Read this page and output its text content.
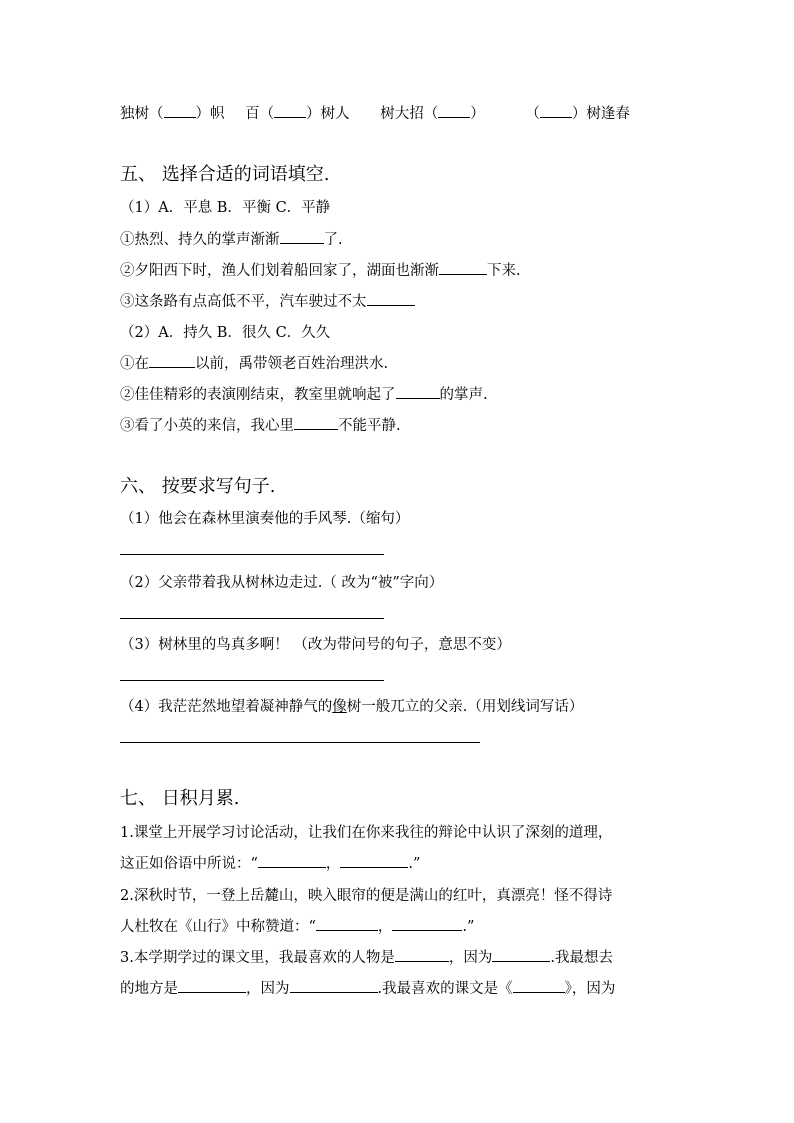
独树（ ）帜 百（ ）树人 树大招（ ）	（ ）树逢春
五、 选择合适的词语填空.
（1）A．平息 B．平衡 C．平静
①热烈、持久的掌声渐渐	了.
②夕阳西下时，渔人们划着船回家了，湖面也渐渐	下来.
③这条路有点高低不平，汽车驶过不太
（2）A．持久 B．很久 C．久久
①在	以前，禹带领老百姓治理洪水.
②佳佳精彩的表演刚结束，教室里就响起了	的掌声.
③看了小英的来信，我心里	不能平静.
六、 按要求写句子.
（1）他会在森林里演奏他的手风琴.（缩句）
（2）父亲带着我从树林边走过.（ 改为“被”字向）
（3）树林里的鸟真多啊！ （改为带问号的句子，意思不变）
（4）我茫茫然地望着凝神静气的像树一般兀立的父亲.（用划线词写话）
七、 日积月累.
1.课堂上开展学习讨论活动，让我们在你来我往的辩论中认识了深刻的道理，
这正如俗语中所说：“	，	.”
2.深秋时节，一登上岳麓山，映入眼帘的便是满山的红叶，真漂亮！怪不得诗
人杜牧在《山行》中称赞道：“	，	.”
3.本学期学过的课文里，我最喜欢的人物是	，因为	.我最想去
的地方是	，因为	.我最喜欢的课文是《	》，因为
